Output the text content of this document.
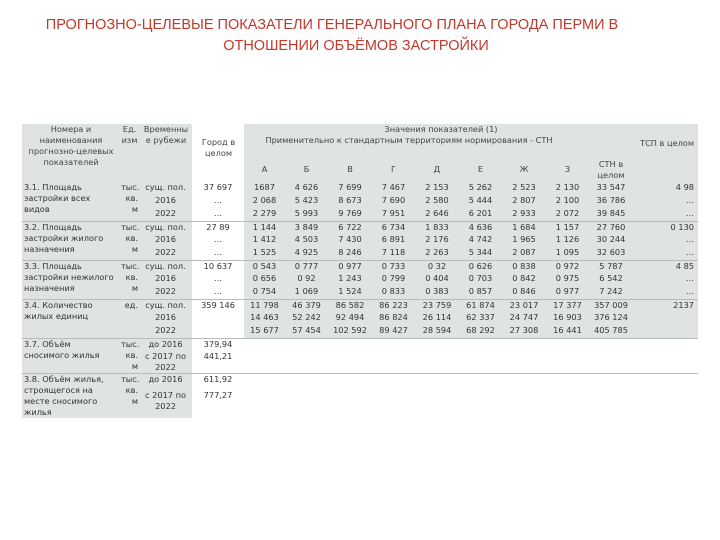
ПРОГНОЗНО-ЦЕЛЕВЫЕ ПОКАЗАТЕЛИ ГЕНЕРАЛЬНОГО ПЛАНА ГОРОДА ПЕРМИ В
ОТНОШЕНИИ ОБЪЁМОВ ЗАСТРОЙКИ
Номера и наименования прогнозно-целевых показателей	Ед. изм	Временны е рубежи	Город в целом	Значения показателей (1)
Применительно к стандартным территориям нормирования - СТН ТСП в целом									

				А	Б	В	Г	Д	Е	Ж	З	СТН в целом	
3.1. Площадь застройки всех видов	тыс. кв. м	сущ. пол.	37 697	1687	4 626	7 699	7 467	2 153	5 262	2 523	2 130	33 547	4 98
		2016	…	2 068	5 423	8 673	7 690	2 580	5 444	2 807	2 100	36 786	…
		2022	…	2 279	5 993	9 769	7 951	2 646	6 201	2 933	2 072	39 845	…
3.2. Площадь застройки жилого назначения	тыс. кв. м	сущ. пол.	27 89	1 144	3 849	6 722	6 734	1 833	4 636	1 684	1 157	27 760	0 130
		2016	…	1 412	4 503	7 430	6 891	2 176	4 742	1 965	1 126	30 244	…
		2022	…	1 525	4 925	8 246	7 118	2 263	5 344	2 087	1 095	32 603	…
3.3. Площадь застройки нежилого назначения	тыс. кв. м	сущ. пол.	10 637	0 543	0 777	0 977	0 733	0 32	0 626	0 838	0 972	5 787	4 85
		2016	…	0 656	0 92	1 243	0 799	0 404	0 703	0 842	0 975	6 542	…
		2022	…	0 754	1 069	1 524	0 833	0 383	0 857	0 846	0 977	7 242	…
3.4. Количество жилых единиц	ед.	сущ. пол.	359 146	11 798	46 379	86 582	86 223	23 759	61 874	23 017	17 377	357 009	2137
		2016		14 463	52 242	92 494	86 824	26 114	62 337	24 747	16 903	376 124	
		2022		15 677	57 454	102 592	89 427	28 594	68 292	27 308	16 441	405 785	
3.7. Объём сносимого жилья	тыс. кв. м	до 2016	379,94										
		с 2017 по 2022	441,21										
3.8. Объём жилья, строящегося на месте сносимого жилья	тыс. кв. м	до 2016	611,92										
		с 2017 по 2022	777,27										
